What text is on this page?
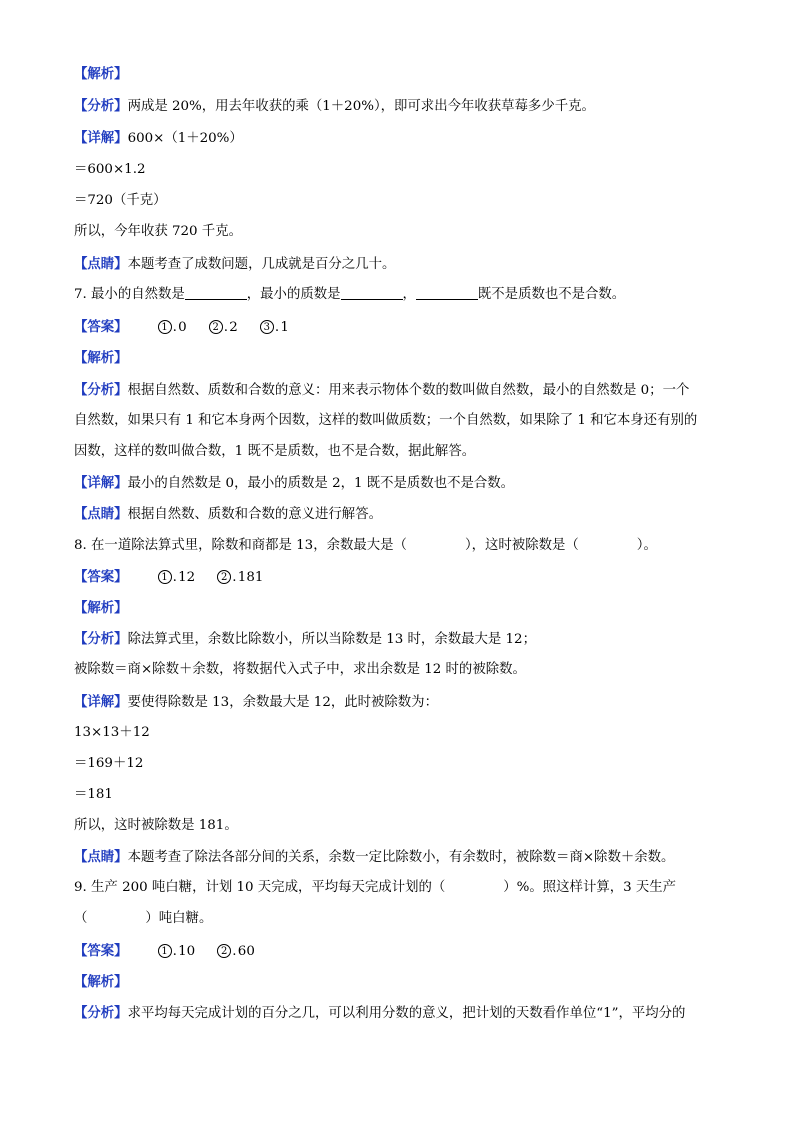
【解析】
【分析】两成是 20%，用去年收获的乘（1＋20%），即可求出今年收获草莓多少千克。
【详解】600×（1＋20%）
＝600×1.2
＝720（千克）
所以，今年收获 720 千克。
【点睛】本题考查了成数问题，几成就是百分之几十。
7. 最小的自然数是	，最小的质数是	，	既不是质数也不是合数。
【答案】	1 . 0	2 . 2	3 . 1
【解析】
【分析】根据自然数、质数和合数的意义：用来表示物体个数的数叫做自然数，最小的自然数是 0；一个
自然数，如果只有 1 和它本身两个因数，这样的数叫做质数；一个自然数，如果除了 1 和它本身还有别的
因数，这样的数叫做合数，1 既不是质数，也不是合数，据此解答。
【详解】最小的自然数是 0，最小的质数是 2，1 既不是质数也不是合数。
【点睛】根据自然数、质数和合数的意义进行解答。
8. 在一道除法算式里，除数和商都是 13，余数最大是（	），这时被除数是（	）。
【答案】	1 . 12	2 . 181
【解析】
【分析】除法算式里，余数比除数小，所以当除数是 13 时，余数最大是 12；
被除数＝商×除数＋余数，将数据代入式子中，求出余数是 12 时的被除数。
【详解】要使得除数是 13，余数最大是 12，此时被除数为：
13×13＋12
＝169＋12
＝181
所以，这时被除数是 181。
【点睛】本题考查了除法各部分间的关系，余数一定比除数小，有余数时，被除数＝商×除数＋余数。
9. 生产 200 吨白糖，计划 10 天完成，平均每天完成计划的（	）%。照这样计算，3 天生产
（	）吨白糖。
【答案】	1 . 10	2 . 60
【解析】
【分析】求平均每天完成计划的百分之几，可以利用分数的意义，把计划的天数看作单位“1”，平均分的
